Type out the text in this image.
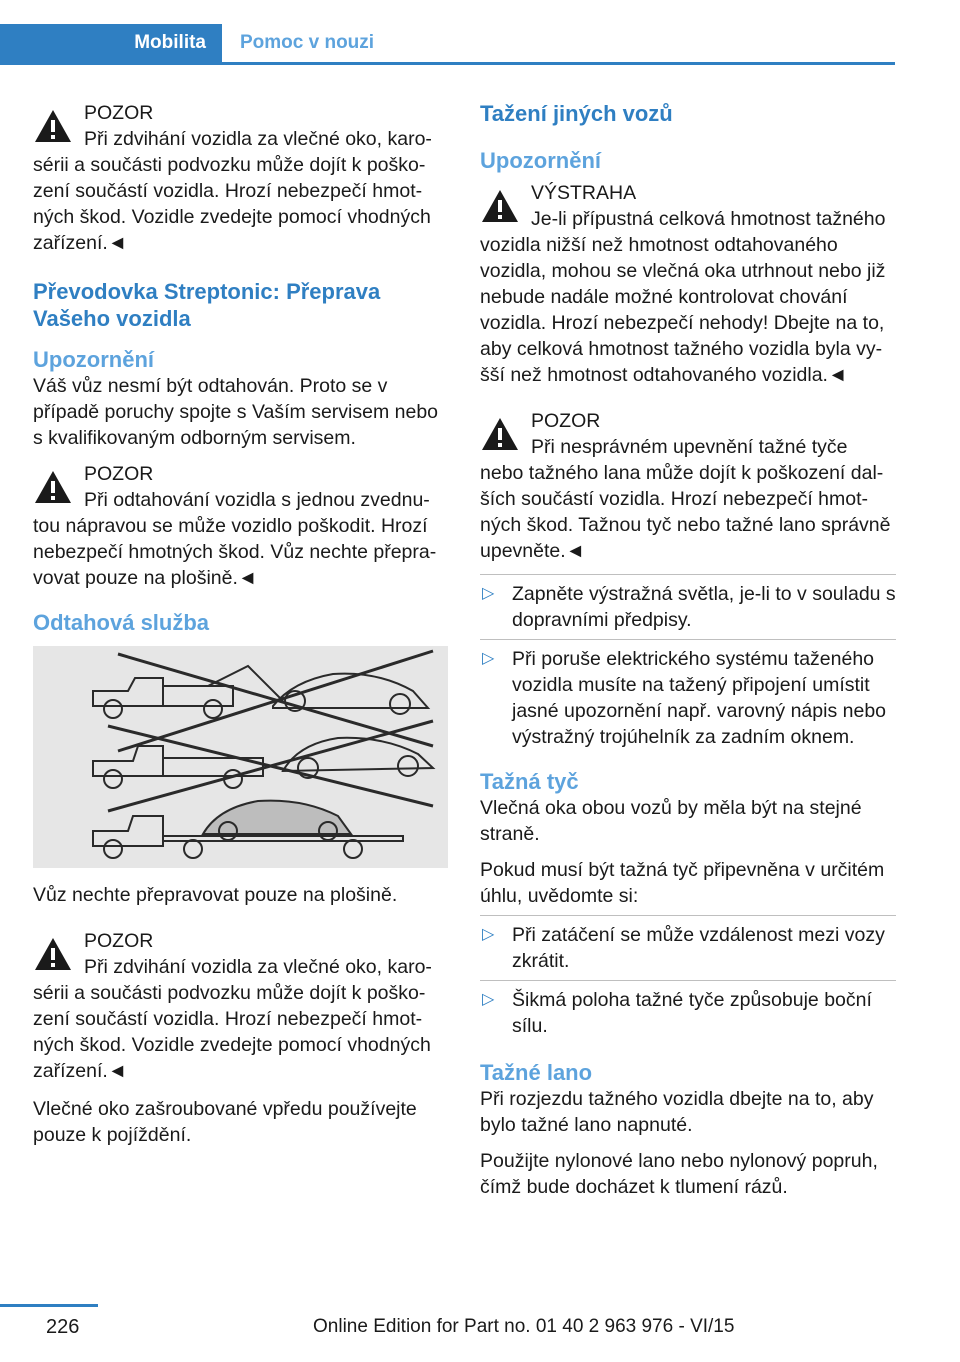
Mobilita	Pomoc v nouzi

POZOR

Při zdvihání vozidla za vlečné oko, karo‐

sérii a součásti podvozku může dojít k poško‐zení součástí vozidla. Hrozí nebezpečí hmot‐ných škod. Vozidle zvedejte pomocí vhodných zařízení.◄

Převodovka Streptonic: Přeprava Vašeho vozidla
Upozornění

Váš vůz nesmí být odtahován. Proto se v případě poruchy spojte s Vaším servisem nebo s kvalifikovaným odborným servisem.

POZOR

Při odtahování vozidla s jednou zvednu‐

tou nápravou se může vozidlo poškodit. Hrozí nebezpečí hmotných škod. Vůz nechte přepra‐vovat pouze na plošině.◄

Odtahová služba

Vůz nechte přepravovat pouze na plošině.

POZOR

Při zdvihání vozidla za vlečné oko, karo‐

sérii a součásti podvozku může dojít k poško‐zení součástí vozidla. Hrozí nebezpečí hmot‐ných škod. Vozidle zvedejte pomocí vhodných zařízení.◄

Vlečné oko zašroubované vpředu používejte pouze k pojíždění.

Tažení jiných vozů
Upozornění

VÝSTRAHA

Je-li přípustná celková hmotnost tažného

vozidla nižší než hmotnost odtahovaného vozidla, mohou se vlečná oka utrhnout nebo již nebude nadále možné kontrolovat chování vozidla. Hrozí nebezpečí nehody! Dbejte na to, aby celková hmotnost tažného vozidla byla vy‐šší než hmotnost odtahovaného vozidla.◄

POZOR

Při nesprávném upevnění tažné tyče

nebo tažného lana může dojít k poškození dal‐ších součástí vozidla. Hrozí nebezpečí hmot‐ných škod. Tažnou tyč nebo tažné lano správně upevněte.◄

▷ Zapněte výstražná světla, je-li to v souladu s dopravními předpisy.
▷ Při poruše elektrického systému taženého vozidla musíte na tažený připojení umístit jasné upozornění např. varovný nápis nebo výstražný trojúhelník za zadním oknem.
Tažná tyč

Vlečná oka obou vozů by měla být na stejné straně.

Pokud musí být tažná tyč připevněna v určitém úhlu, uvědomte si:

▷ Při zatáčení se může vzdálenost mezi vozy zkrátit.
▷ Šikmá poloha tažné tyče způsobuje boční sílu.
Tažné lano

Při rozjezdu tažného vozidla dbejte na to, aby bylo tažné lano napnuté.

Použijte nylonové lano nebo nylonový popruh, čímž bude docházet k tlumení rázů.

226	Online Edition for Part no. 01 40 2 963 976 - VI/15
